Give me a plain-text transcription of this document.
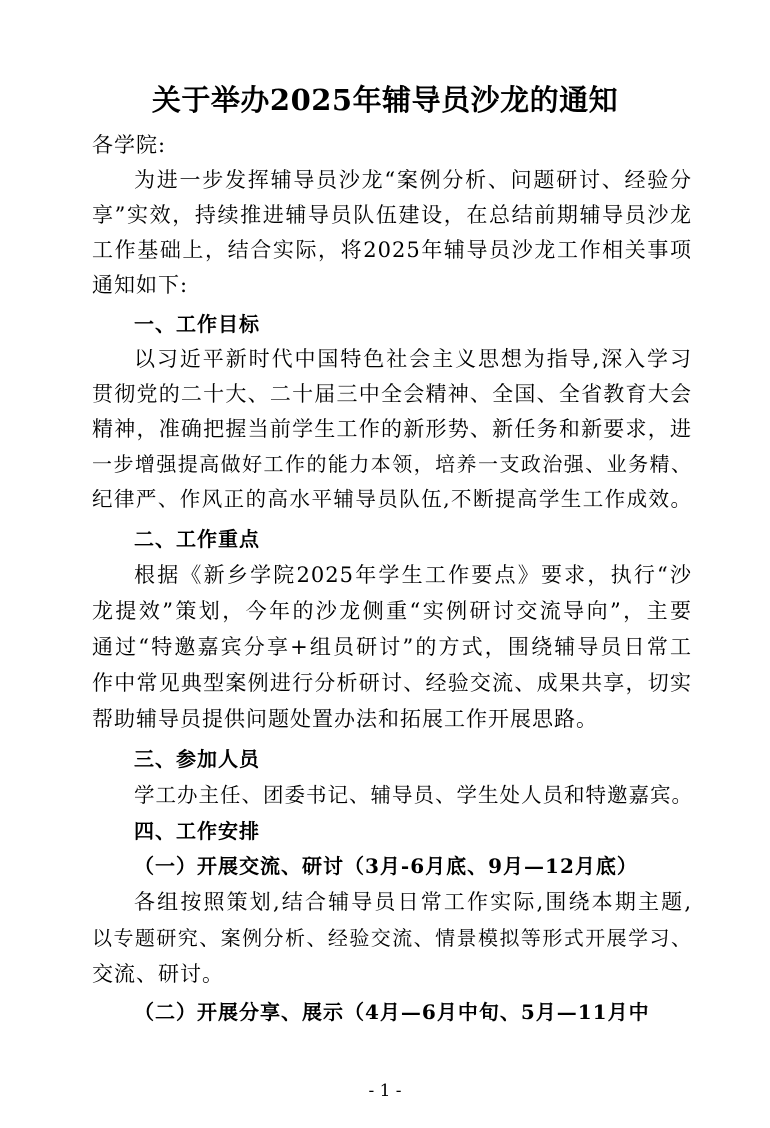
关于举办2025年辅导员沙龙的通知
各学院:
为进一步发挥辅导员沙龙“案例分析、问题研讨、经验分
享”实效，持续推进辅导员队伍建设，在总结前期辅导员沙龙
工作基础上，结合实际，将2025年辅导员沙龙工作相关事项
通知如下:
一、工作目标
以习近平新时代中国特色社会主义思想为指导,深入学习
贯彻党的二十大、二十届三中全会精神、全国、全省教育大会
精神，准确把握当前学生工作的新形势、新任务和新要求，进
一步增强提高做好工作的能力本领，培养一支政治强、业务精、
纪律严、作风正的高水平辅导员队伍,不断提高学生工作成效。
二、工作重点
根据《新乡学院2025年学生工作要点》要求，执行“沙
龙提效”策划，今年的沙龙侧重“实例研讨交流导向”，主要
通过“特邀嘉宾分享+组员研讨”的方式，围绕辅导员日常工
作中常见典型案例进行分析研讨、经验交流、成果共享，切实
帮助辅导员提供问题处置办法和拓展工作开展思路。
三、参加人员
学工办主任、团委书记、辅导员、学生处人员和特邀嘉宾。
四、工作安排
（一）开展交流、研讨（3月-6月底、9月—12月底）
各组按照策划,结合辅导员日常工作实际,围绕本期主题,
以专题研究、案例分析、经验交流、情景模拟等形式开展学习、
交流、研讨。
（二）开展分享、展示（4月—6月中旬、5月—11月中
- 1 -
